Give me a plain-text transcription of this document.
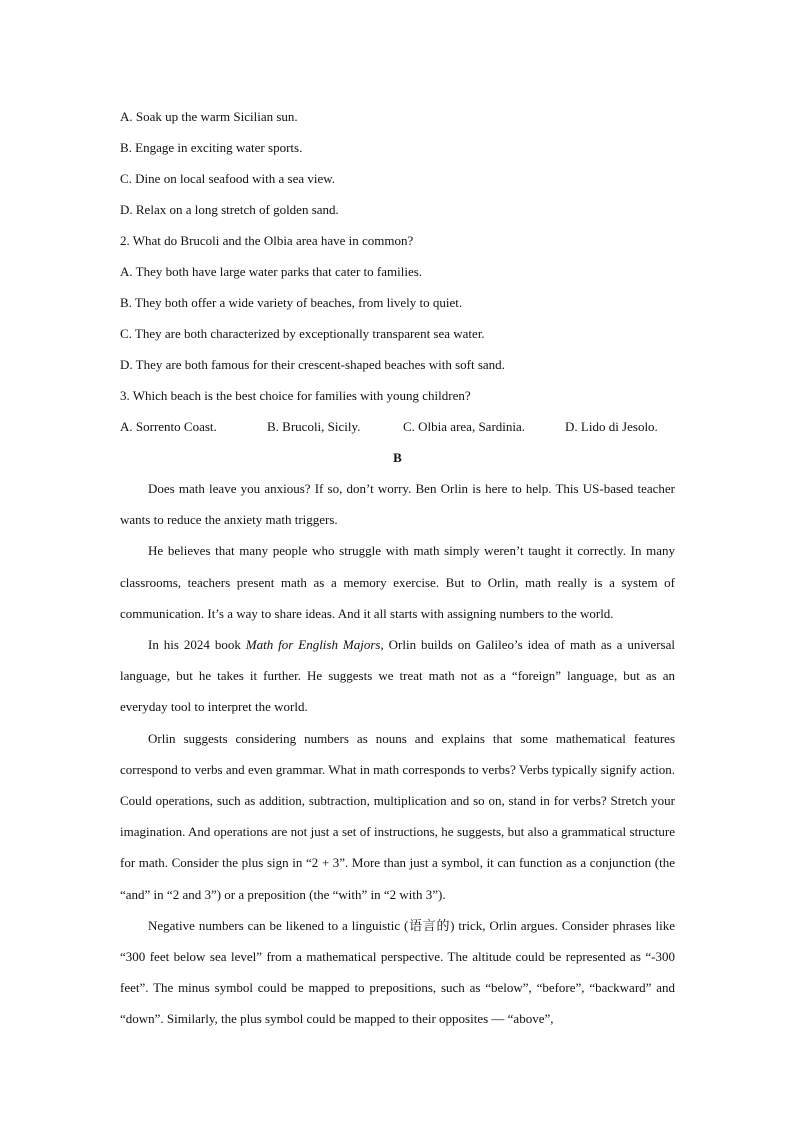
A. Soak up the warm Sicilian sun.
B. Engage in exciting water sports.
C. Dine on local seafood with a sea view.
D. Relax on a long stretch of golden sand.
2. What do Brucoli and the Olbia area have in common?
A. They both have large water parks that cater to families.
B. They both offer a wide variety of beaches, from lively to quiet.
C. They are both characterized by exceptionally transparent sea water.
D. They are both famous for their crescent-shaped beaches with soft sand.
3. Which beach is the best choice for families with young children?
A. Sorrento Coast.	B. Brucoli, Sicily.	C. Olbia area, Sardinia.	D. Lido di Jesolo.
B

Does math leave you anxious? If so, don’t worry. Ben Orlin is here to help. This US-based teacher wants to reduce the anxiety math triggers.

He believes that many people who struggle with math simply weren’t taught it correctly. In many classrooms, teachers present math as a memory exercise. But to Orlin, math really is a system of communication. It’s a way to share ideas. And it all starts with assigning numbers to the world.

In his 2024 book Math for English Majors, Orlin builds on Galileo’s idea of math as a universal language, but he takes it further. He suggests we treat math not as a “foreign” language, but as an everyday tool to interpret the world.

Orlin suggests considering numbers as nouns and explains that some mathematical features correspond to verbs and even grammar. What in math corresponds to verbs? Verbs typically signify action. Could operations, such as addition, subtraction, multiplication and so on, stand in for verbs? Stretch your imagination. And operations are not just a set of instructions, he suggests, but also a grammatical structure for math. Consider the plus sign in “2 + 3”. More than just a symbol, it can function as a conjunction (the “and” in “2 and 3”) or a preposition (the “with” in “2 with 3”).

Negative numbers can be likened to a linguistic (语言的) trick, Orlin argues. Consider phrases like “300 feet below sea level” from a mathematical perspective. The altitude could be represented as “-300 feet”. The minus symbol could be mapped to prepositions, such as “below”, “before”, “backward” and “down”. Similarly, the plus symbol could be mapped to their opposites — “above”,
